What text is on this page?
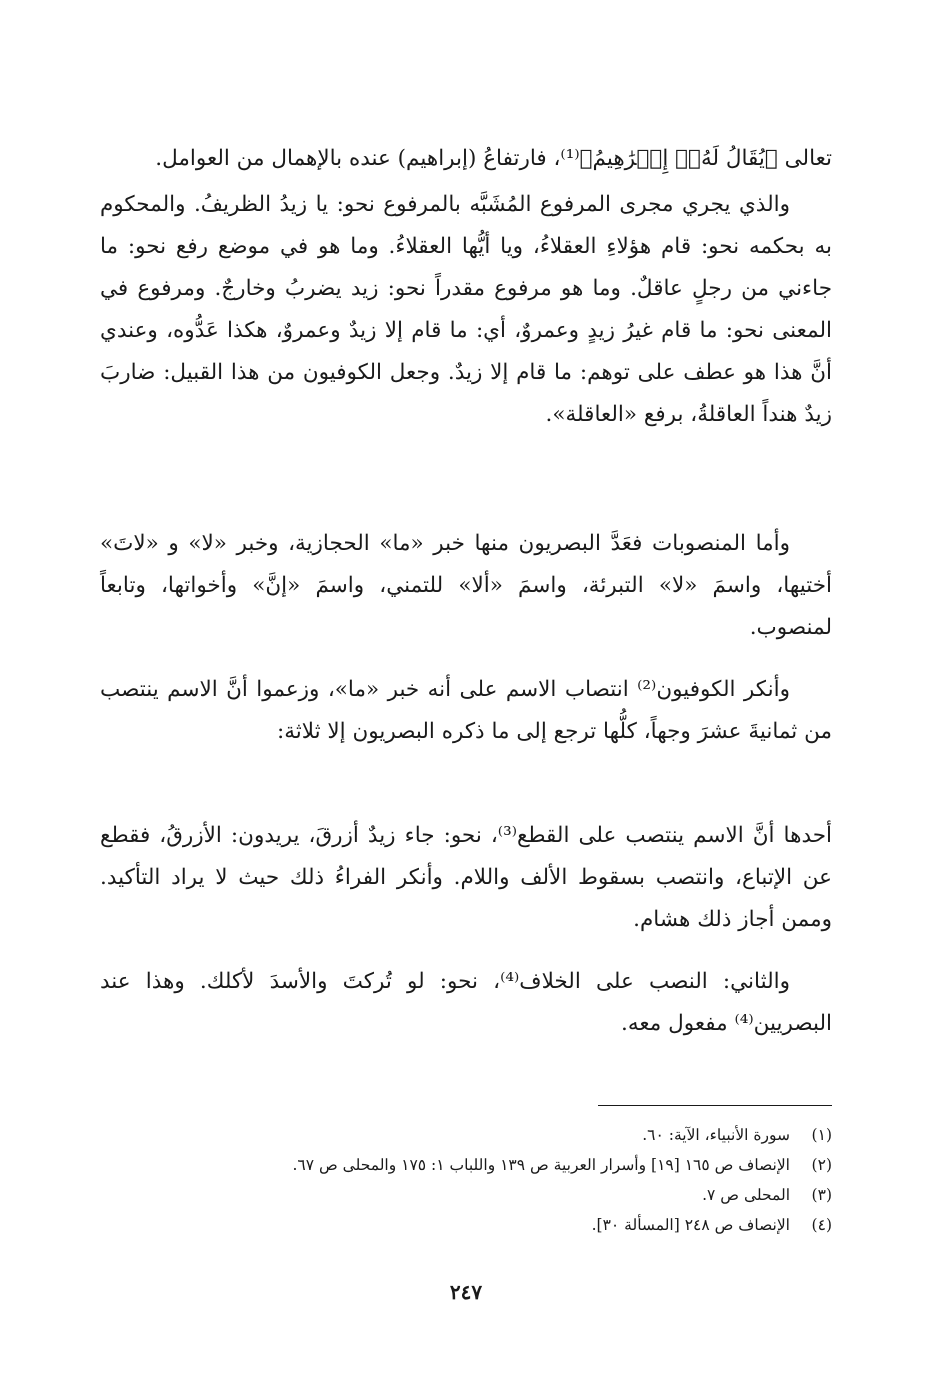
تعالى ﴿يُقَالُ لَهُۥٓ إِبۡرَٰهِيمُ﴾⁽¹⁾، فارتفاعُ (إبراهيم) عنده بالإهمال من العوامل.

والذي يجري مجرى المرفوع المُشَبَّه بالمرفوع نحو: يا زيدُ الظريفُ. والمحكوم به بحكمه نحو: قام هؤلاءِ العقلاءُ، ويا أيُّها العقلاءُ. وما هو في موضع رفع نحو: ما جاءني من رجلٍ عاقلٌ. وما هو مرفوع مقدراً نحو: زيد يضربُ وخارجٌ. ومرفوع في المعنى نحو: ما قام غيرُ زيدٍ وعمروٌ، أي: ما قام إلا زيدٌ وعمروٌ، هكذا عَدُّوه، وعندي أنَّ هذا هو عطف على توهم: ما قام إلا زيدٌ. وجعل الكوفيون من هذا القبيل: ضاربَ زيدٌ هنداً العاقلةُ، برفع «العاقلة».

وأما المنصوبات فعَدَّ البصريون منها خبر «ما» الحجازية، وخبر «لا» و «لاتَ» أختيها، واسمَ «لا» التبرئة، واسمَ «ألا» للتمني، واسمَ «إنَّ» وأخواتها، وتابعاً لمنصوب.

وأنكر الكوفيون⁽²⁾ انتصاب الاسم على أنه خبر «ما»، وزعموا أنَّ الاسم ينتصب من ثمانيةَ عشرَ وجهاً، كلُّها ترجع إلى ما ذكره البصريون إلا ثلاثة:

أحدها أنَّ الاسم ينتصب على القطع⁽³⁾، نحو: جاء زيدٌ أزرقَ، يريدون: الأزرقُ، فقطع عن الإتباع، وانتصب بسقوط الألف واللام. وأنكر الفراءُ ذلك حيث لا يراد التأكيد. وممن أجاز ذلك هشام.

والثاني: النصب على الخلاف⁽⁴⁾، نحو: لو تُركتَ والأسدَ لأكلك. وهذا عند البصريين⁽⁴⁾ مفعول معه.

(١)سورة الأنبياء، الآية: ٦٠.

(٢)الإنصاف ص ١٦٥ [١٩] وأسرار العربية ص ١٣٩ واللباب ١: ١٧٥ والمحلى ص ٦٧.

(٣)المحلى ص ٧.

(٤)الإنصاف ص ٢٤٨ [المسألة ٣٠].

٢٤٧
